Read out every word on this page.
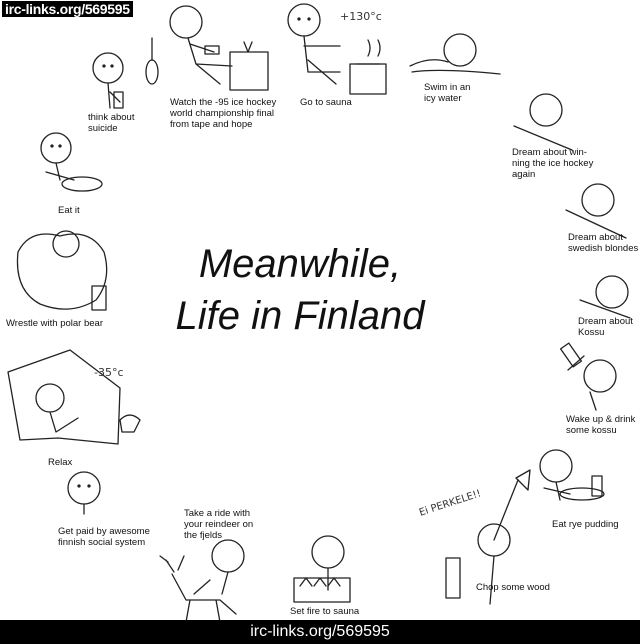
irc-links.org/569595
Meanwhile,
Life in Finland
+130°c
-35°c
Ei PERKELE!!
think about
suicide
Watch the -95 ice hockey
world championship final
from tape and hope
Go to sauna
Swim in an
icy water
Dream about win-
ning the ice hockey
again
Dream about
swedish blondes
Dream about
Kossu
Wake up & drink
some kossu
Eat rye pudding
Chop some wood
Set fire to sauna
Take a ride with
your reindeer on
the fjelds
Get paid by awesome
finnish social system
Relax
Wrestle with polar bear
Eat it
irc-links.org/569595
